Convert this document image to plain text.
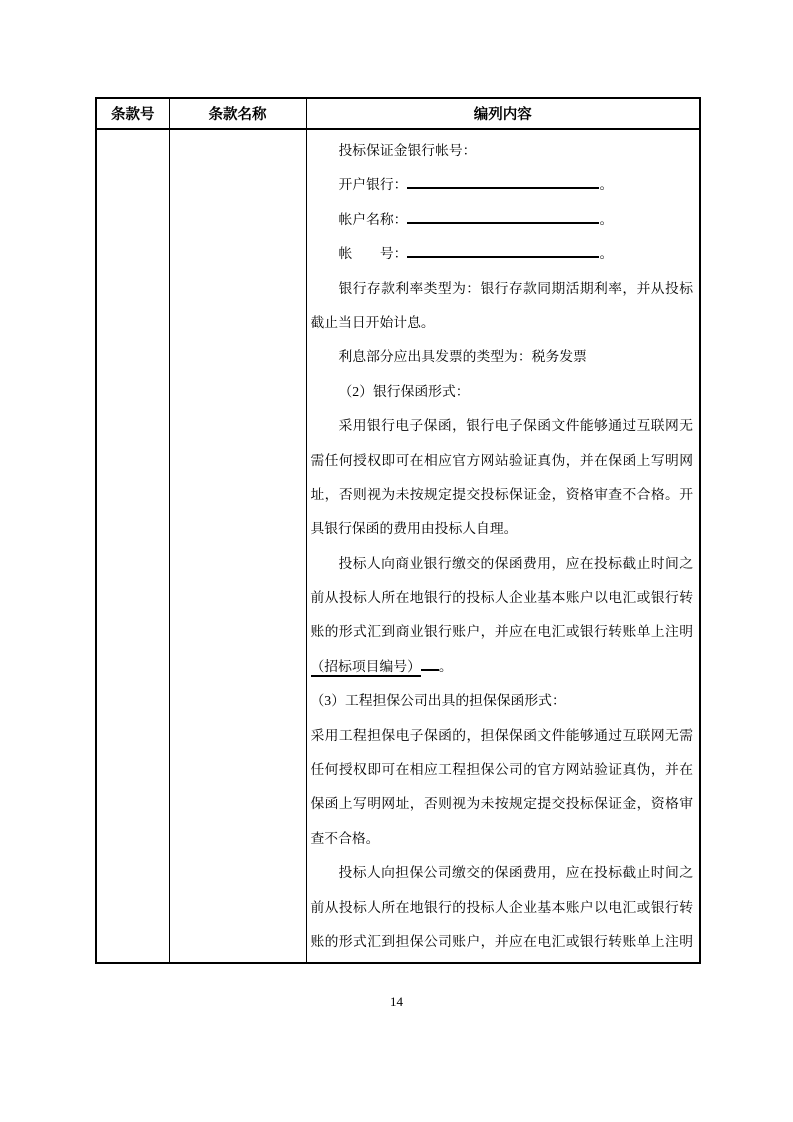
条款号	条款名称	编列内容

投标保证金银行帐号：
开户银行：	。
帐户名称：	。
帐　　号：	。
银行存款利率类型为：银行存款同期活期利率，并从投标
截止当日开始计息。
利息部分应出具发票的类型为：税务发票
（2）银行保函形式：
采用银行电子保函，银行电子保函文件能够通过互联网无
需任何授权即可在相应官方网站验证真伪，并在保函上写明网
址，否则视为未按规定提交投标保证金，资格审查不合格。开
具银行保函的费用由投标人自理。
投标人向商业银行缴交的保函费用，应在投标截止时间之
前从投标人所在地银行的投标人企业基本账户以电汇或银行转
账的形式汇到商业银行账户，并应在电汇或银行转账单上注明
（招标项目编号） 。
（3）工程担保公司出具的担保保函形式：
采用工程担保电子保函的，担保保函文件能够通过互联网无需
任何授权即可在相应工程担保公司的官方网站验证真伪，并在
保函上写明网址，否则视为未按规定提交投标保证金，资格审
查不合格。
投标人向担保公司缴交的保函费用，应在投标截止时间之
前从投标人所在地银行的投标人企业基本账户以电汇或银行转
账的形式汇到担保公司账户，并应在电汇或银行转账单上注明
14
